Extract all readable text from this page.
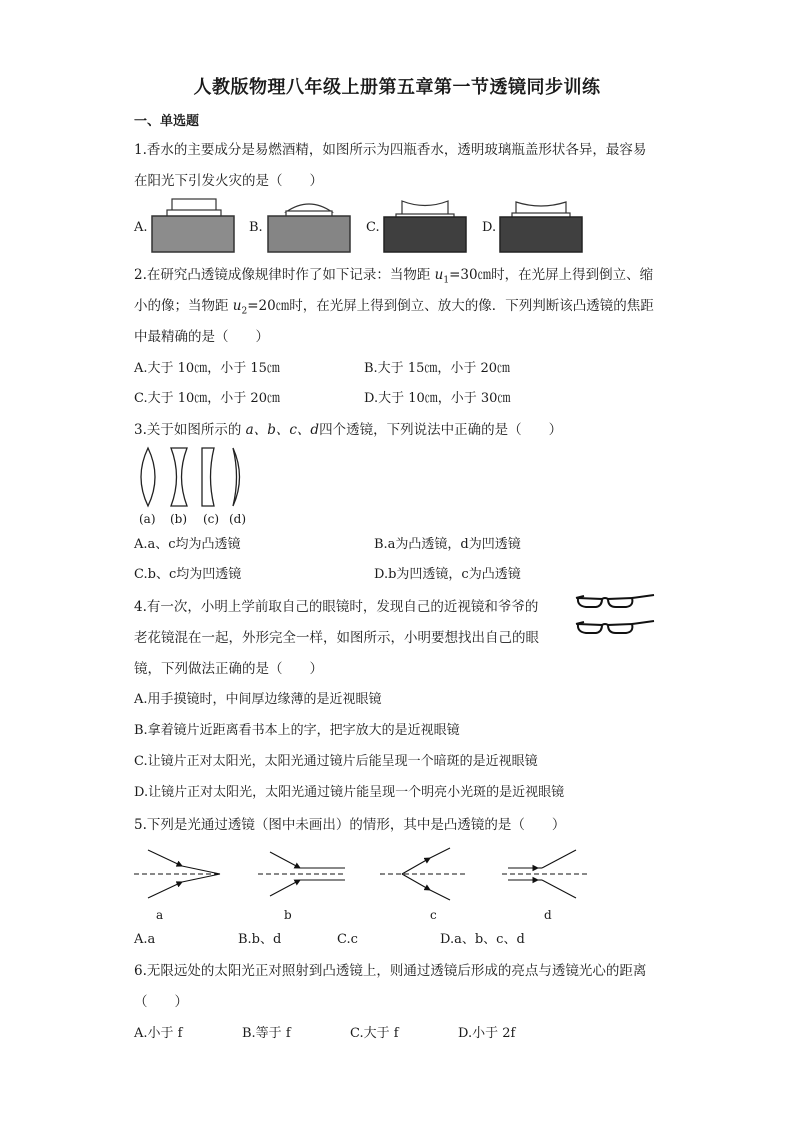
人教版物理八年级上册第五章第一节透镜同步训练
一、单选题
1.香水的主要成分是易燃酒精，如图所示为四瓶香水，透明玻璃瓶盖形状各异，最容易
在阳光下引发火灾的是（　　）
A.	B.	C.	D.
2.在研究凸透镜成像规律时作了如下记录：当物距 $u_1=30㎝$时，在光屏上得到倒立、缩
小的像；当物距 $u_2=20㎝$时，在光屏上得到倒立、放大的像．下列判断该凸透镜的焦距
中最精确的是（　　）
A.大于 10㎝，小于 15㎝	B.大于 15㎝，小于 20㎝
C.大于 10㎝，小于 20㎝	D.大于 10㎝，小于 30㎝
3.关于如图所示的 a、b、c、d四个透镜，下列说法中正确的是（　　）
(a) (b) (c) (d)
A.a、c均为凸透镜	B.a为凸透镜，d为凹透镜
C.b、c均为凹透镜	D.b为凹透镜，c为凸透镜
4.有一次，小明上学前取自己的眼镜时，发现自己的近视镜和爷爷的
老花镜混在一起，外形完全一样，如图所示，小明要想找出自己的眼
镜，下列做法正确的是（　　）
A.用手摸镜时，中间厚边缘薄的是近视眼镜
B.拿着镜片近距离看书本上的字，把字放大的是近视眼镜
C.让镜片正对太阳光，太阳光通过镜片后能呈现一个暗斑的是近视眼镜
D.让镜片正对太阳光，太阳光通过镜片能呈现一个明亮小光斑的是近视眼镜
5.下列是光通过透镜（图中未画出）的情形，其中是凸透镜的是（　　）
a	b	c	d
A.a	B.b、d	C.c	D.a、b、c、d
6.无限远处的太阳光正对照射到凸透镜上，则通过透镜后形成的亮点与透镜光心的距离
（　　）
A.小于 f	B.等于 f	C.大于 f	D.小于 2f
